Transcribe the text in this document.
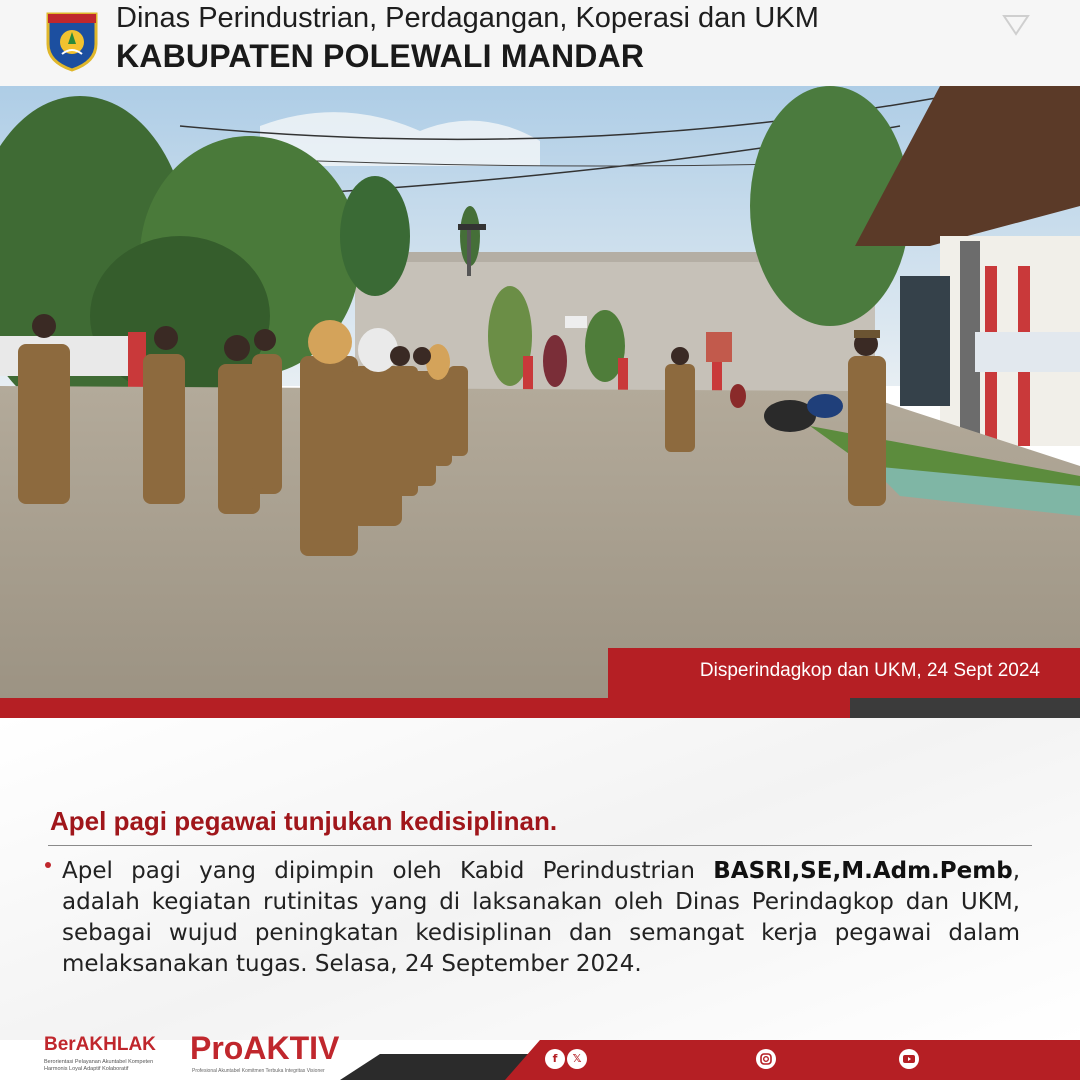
Dinas Perindustrian, Perdagangan, Koperasi dan UKM
KABUPATEN POLEWALI MANDAR
Disperindagkop dan UKM, 24 Sept 2024
Apel pagi pegawai tunjukan kedisiplinan.
Apel pagi yang dipimpin oleh Kabid Perindustrian BASRI,SE,M.Adm.Pemb, adalah kegiatan rutinitas yang di laksanakan oleh Dinas Perindagkop dan UKM, sebagai wujud peningkatan kedisiplinan dan semangat kerja pegawai dalam melaksanakan tugas. Selasa, 24 September 2024.
BerAKHLAK
Berorientasi Pelayanan Akuntabel Kompeten Harmonis Loyal Adaptif Kolaboratif
ProAKTIV
Profesional Akuntabel Komitmen Terbuka Integritas Visioner
f	𝕏
